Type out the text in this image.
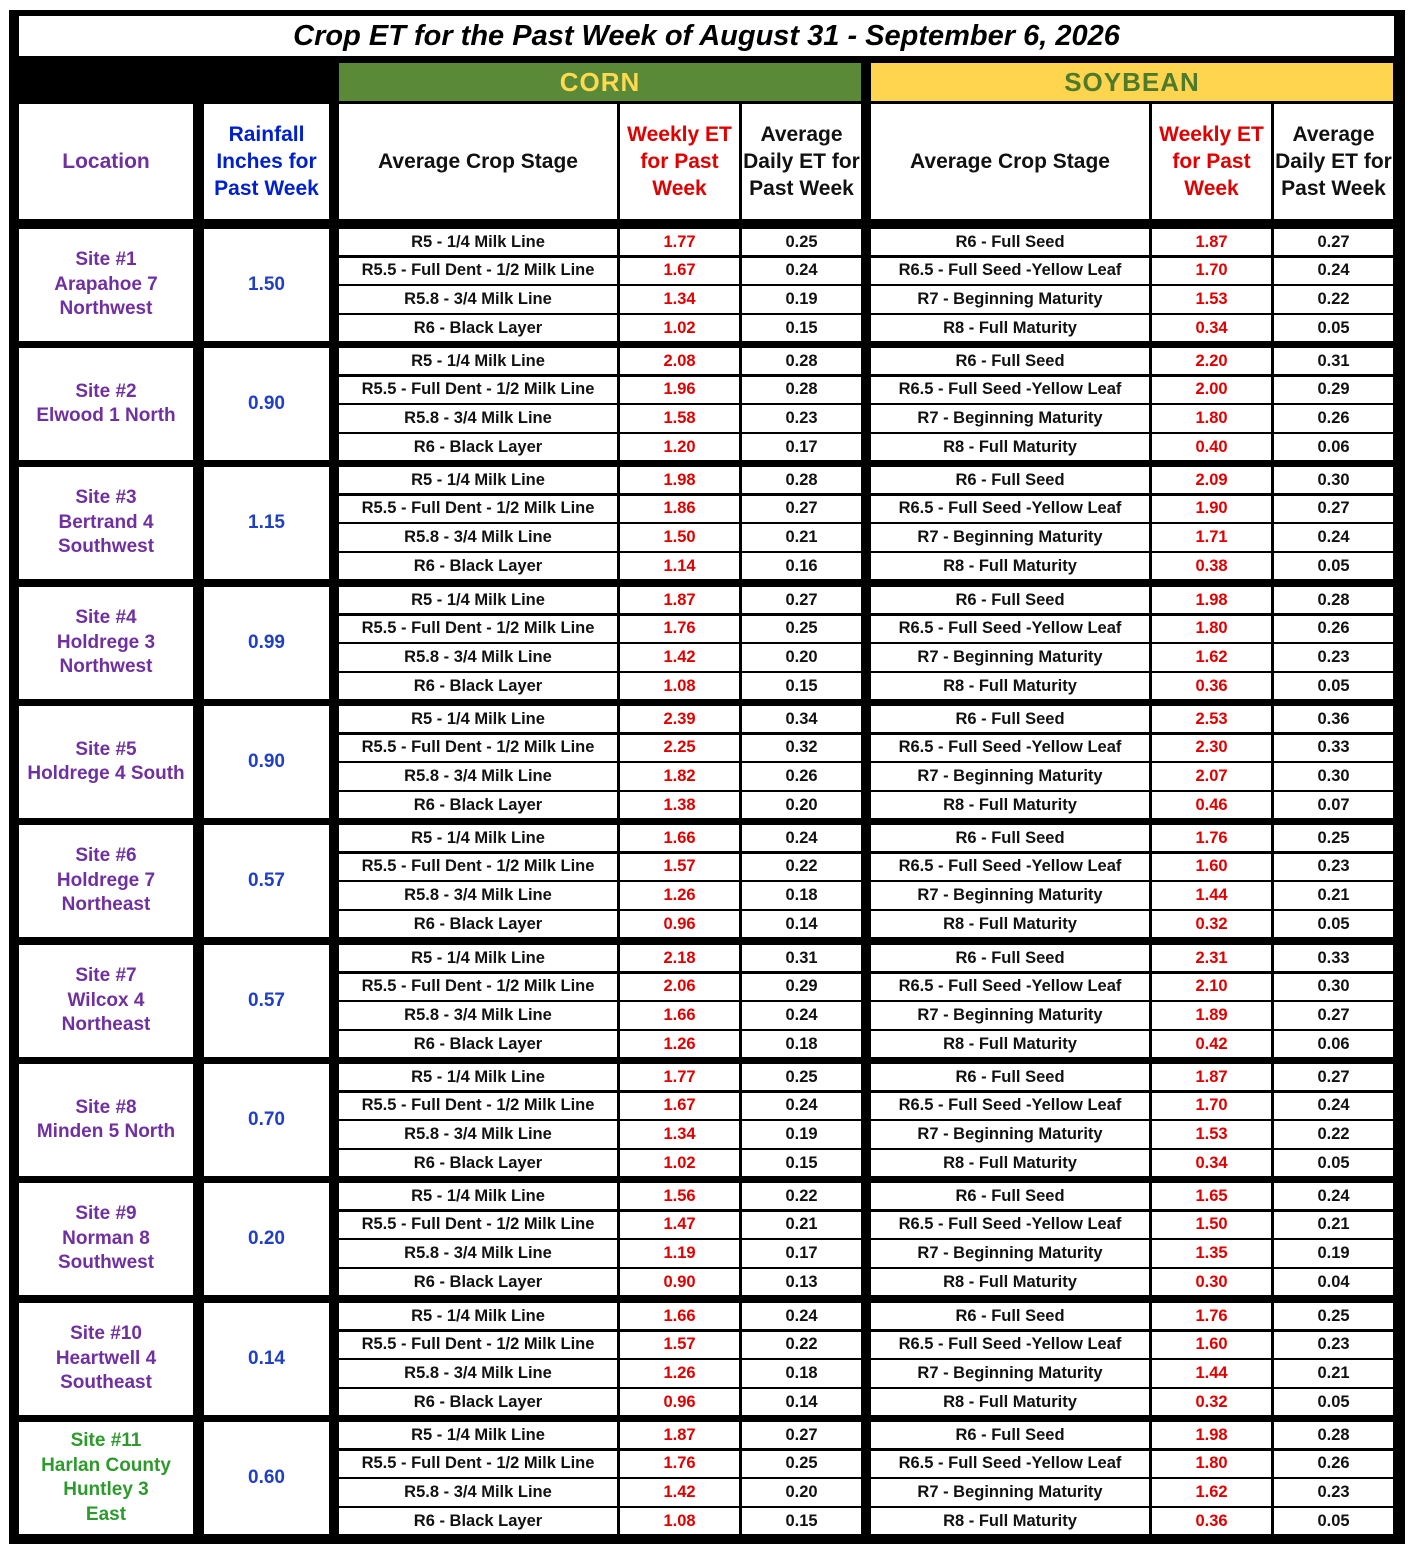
Crop ET for the Past Week of August 31 - September 6, 2026
CORN	SOYBEAN
Location
Rainfall Inches for Past Week
Average Crop Stage
Weekly ET for Past Week
Average Daily ET for Past Week
Average Crop Stage
Weekly ET for Past Week
Average Daily ET for Past Week
Site #1
Arapahoe 7
Northwest
1.50
R5 - 1/4 Milk Line	1.77	0.25	R6 - Full Seed	1.87	0.27
R5.5 - Full Dent - 1/2 Milk Line	1.67	0.24	R6.5 - Full Seed -Yellow Leaf	1.70	0.24
R5.8 - 3/4 Milk Line	1.34	0.19	R7 - Beginning Maturity	1.53	0.22
R6 - Black Layer	1.02	0.15	R8 - Full Maturity	0.34	0.05
Site #2
Elwood 1 North
0.90
R5 - 1/4 Milk Line	2.08	0.28	R6 - Full Seed	2.20	0.31
R5.5 - Full Dent - 1/2 Milk Line	1.96	0.28	R6.5 - Full Seed -Yellow Leaf	2.00	0.29
R5.8 - 3/4 Milk Line	1.58	0.23	R7 - Beginning Maturity	1.80	0.26
R6 - Black Layer	1.20	0.17	R8 - Full Maturity	0.40	0.06
Site #3
Bertrand 4
Southwest
1.15
R5 - 1/4 Milk Line	1.98	0.28	R6 - Full Seed	2.09	0.30
R5.5 - Full Dent - 1/2 Milk Line	1.86	0.27	R6.5 - Full Seed -Yellow Leaf	1.90	0.27
R5.8 - 3/4 Milk Line	1.50	0.21	R7 - Beginning Maturity	1.71	0.24
R6 - Black Layer	1.14	0.16	R8 - Full Maturity	0.38	0.05
Site #4
Holdrege 3
Northwest
0.99
R5 - 1/4 Milk Line	1.87	0.27	R6 - Full Seed	1.98	0.28
R5.5 - Full Dent - 1/2 Milk Line	1.76	0.25	R6.5 - Full Seed -Yellow Leaf	1.80	0.26
R5.8 - 3/4 Milk Line	1.42	0.20	R7 - Beginning Maturity	1.62	0.23
R6 - Black Layer	1.08	0.15	R8 - Full Maturity	0.36	0.05
Site #5
Holdrege 4 South
0.90
R5 - 1/4 Milk Line	2.39	0.34	R6 - Full Seed	2.53	0.36
R5.5 - Full Dent - 1/2 Milk Line	2.25	0.32	R6.5 - Full Seed -Yellow Leaf	2.30	0.33
R5.8 - 3/4 Milk Line	1.82	0.26	R7 - Beginning Maturity	2.07	0.30
R6 - Black Layer	1.38	0.20	R8 - Full Maturity	0.46	0.07
Site #6
Holdrege 7
Northeast
0.57
R5 - 1/4 Milk Line	1.66	0.24	R6 - Full Seed	1.76	0.25
R5.5 - Full Dent - 1/2 Milk Line	1.57	0.22	R6.5 - Full Seed -Yellow Leaf	1.60	0.23
R5.8 - 3/4 Milk Line	1.26	0.18	R7 - Beginning Maturity	1.44	0.21
R6 - Black Layer	0.96	0.14	R8 - Full Maturity	0.32	0.05
Site #7
Wilcox 4
Northeast
0.57
R5 - 1/4 Milk Line	2.18	0.31	R6 - Full Seed	2.31	0.33
R5.5 - Full Dent - 1/2 Milk Line	2.06	0.29	R6.5 - Full Seed -Yellow Leaf	2.10	0.30
R5.8 - 3/4 Milk Line	1.66	0.24	R7 - Beginning Maturity	1.89	0.27
R6 - Black Layer	1.26	0.18	R8 - Full Maturity	0.42	0.06
Site #8
Minden 5 North
0.70
R5 - 1/4 Milk Line	1.77	0.25	R6 - Full Seed	1.87	0.27
R5.5 - Full Dent - 1/2 Milk Line	1.67	0.24	R6.5 - Full Seed -Yellow Leaf	1.70	0.24
R5.8 - 3/4 Milk Line	1.34	0.19	R7 - Beginning Maturity	1.53	0.22
R6 - Black Layer	1.02	0.15	R8 - Full Maturity	0.34	0.05
Site #9
Norman 8
Southwest
0.20
R5 - 1/4 Milk Line	1.56	0.22	R6 - Full Seed	1.65	0.24
R5.5 - Full Dent - 1/2 Milk Line	1.47	0.21	R6.5 - Full Seed -Yellow Leaf	1.50	0.21
R5.8 - 3/4 Milk Line	1.19	0.17	R7 - Beginning Maturity	1.35	0.19
R6 - Black Layer	0.90	0.13	R8 - Full Maturity	0.30	0.04
Site #10
Heartwell 4
Southeast
0.14
R5 - 1/4 Milk Line	1.66	0.24	R6 - Full Seed	1.76	0.25
R5.5 - Full Dent - 1/2 Milk Line	1.57	0.22	R6.5 - Full Seed -Yellow Leaf	1.60	0.23
R5.8 - 3/4 Milk Line	1.26	0.18	R7 - Beginning Maturity	1.44	0.21
R6 - Black Layer	0.96	0.14	R8 - Full Maturity	0.32	0.05
Site #11
Harlan County
Huntley 3
East
0.60
R5 - 1/4 Milk Line	1.87	0.27	R6 - Full Seed	1.98	0.28
R5.5 - Full Dent - 1/2 Milk Line	1.76	0.25	R6.5 - Full Seed -Yellow Leaf	1.80	0.26
R5.8 - 3/4 Milk Line	1.42	0.20	R7 - Beginning Maturity	1.62	0.23
R6 - Black Layer	1.08	0.15	R8 - Full Maturity	0.36	0.05
